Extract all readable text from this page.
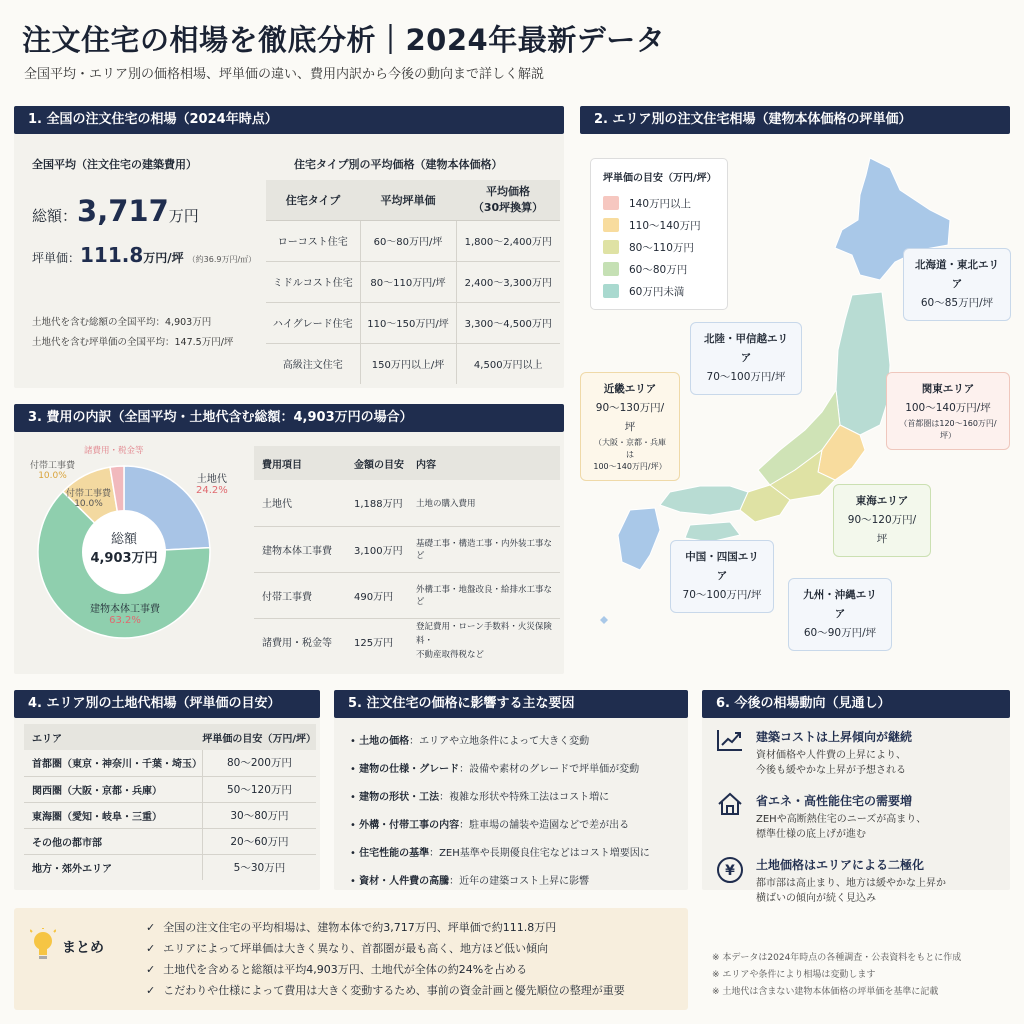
注文住宅の相場を徹底分析｜2024年最新データ
全国平均・エリア別の価格相場、坪単価の違い、費用内訳から今後の動向まで詳しく解説
1. 全国の注文住宅の相場（2024年時点）
全国平均（注文住宅の建築費用）
総額： 3,717 万円
坪単価： 111.8 万円/坪 （約36.9万円/㎡）
土地代を含む総額の全国平均：4,903万円
土地代を含む坪単価の全国平均：147.5万円/坪
住宅タイプ別の平均価格（建物本体価格）
住宅タイプ	平均坪単価	平均価格
（30坪換算）
ローコスト住宅	60〜80万円/坪	1,800〜2,400万円
ミドルコスト住宅	80〜110万円/坪	2,400〜3,300万円
ハイグレード住宅	110〜150万円/坪	3,300〜4,500万円
高級注文住宅	150万円以上/坪	4,500万円以上
2. エリア別の注文住宅相場（建物本体価格の坪単価）
坪単価の目安（万円/坪）
140万円以上
110〜140万円
80〜110万円
60〜80万円
60万円未満
北海道・東北エリア
60〜85万円/坪
北陸・甲信越エリア
70〜100万円/坪
関東エリア
100〜140万円/坪
（首都圏は120〜160万円/坪）
近畿エリア
90〜130万円/坪
（大阪・京都・兵庫は
100〜140万円/坪）
東海エリア
90〜120万円/坪
中国・四国エリア
70〜100万円/坪	九州・沖縄エリア
60〜90万円/坪
3. 費用の内訳（全国平均・土地代含む総額：4,903万円の場合）
総額
4,903万円
土地代
24.2%
建物本体工事費
63.2%
付帯工事費
10.0%
付帯工事費
10.0%
諸費用・税金等
費用項目	金額の目安	内容
土地代	1,188万円	土地の購入費用
建物本体工事費	3,100万円	基礎工事・構造工事・内外装工事など
付帯工事費	490万円	外構工事・地盤改良・給排水工事など
諸費用・税金等	125万円	登記費用・ローン手数料・火災保険料・
不動産取得税など
4. エリア別の土地代相場（坪単価の目安）
エリア	坪単価の目安（万円/坪）
首都圏（東京・神奈川・千葉・埼玉）	80〜200万円
関西圏（大阪・京都・兵庫）	50〜120万円
東海圏（愛知・岐阜・三重）	30〜80万円
その他の都市部	20〜60万円
地方・郊外エリア	5〜30万円
5. 注文住宅の価格に影響する主な要因
• 土地の価格：エリアや立地条件によって大きく変動
• 建物の仕様・グレード：設備や素材のグレードで坪単価が変動
• 建物の形状・工法：複雑な形状や特殊工法はコスト増に
• 外構・付帯工事の内容：駐車場の舗装や造園などで差が出る
• 住宅性能の基準：ZEH基準や長期優良住宅などはコスト増要因に
• 資材・人件費の高騰：近年の建築コスト上昇に影響
6. 今後の相場動向（見通し）
建築コストは上昇傾向が継続
資材価格や人件費の上昇により、
今後も緩やかな上昇が予想される
省エネ・高性能住宅の需要増
ZEHや高断熱住宅のニーズが高まり、
標準仕様の底上げが進む
¥ 土地価格はエリアによる二極化
都市部は高止まり、地方は緩やかな上昇か
横ばいの傾向が続く見込み
まとめ
✓ 全国の注文住宅の平均相場は、建物本体で約3,717万円、坪単価で約111.8万円
✓ エリアによって坪単価は大きく異なり、首都圏が最も高く、地方ほど低い傾向
✓ 土地代を含めると総額は平均4,903万円、土地代が全体の約24%を占める
✓ こだわりや仕様によって費用は大きく変動するため、事前の資金計画と優先順位の整理が重要
※ 本データは2024年時点の各種調査・公表資料をもとに作成
※ エリアや条件により相場は変動します
※ 土地代は含まない建物本体価格の坪単価を基準に記載
